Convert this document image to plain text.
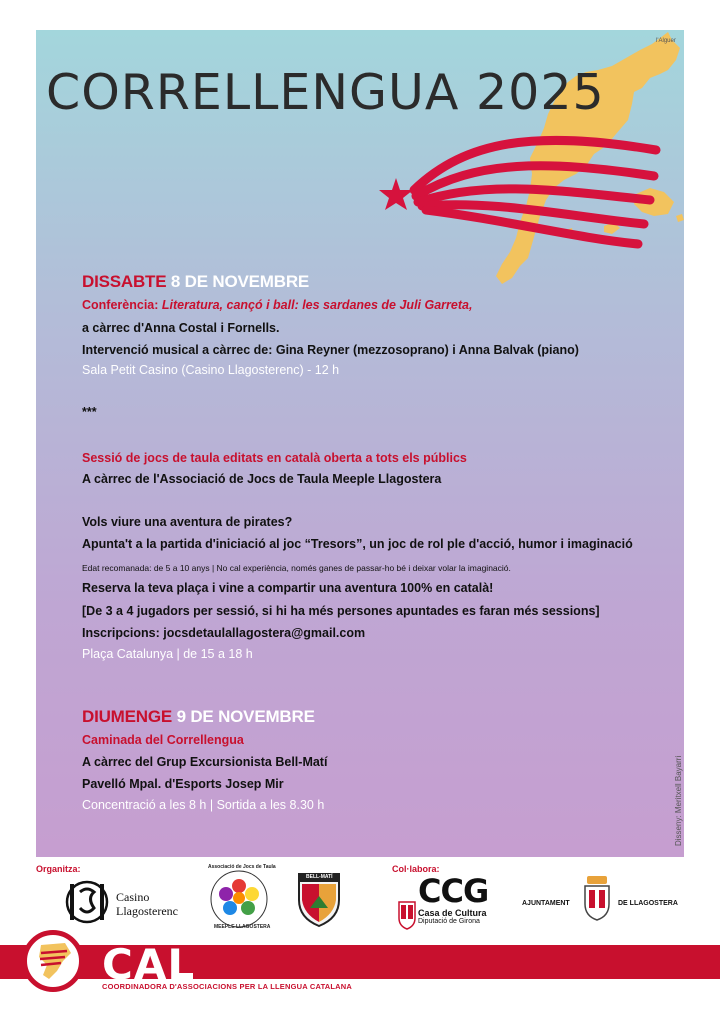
l'Alguer
CORRELLENGUA 2025
DISSABTE 8 DE NOVEMBRE
Conferència: Literatura, cançó i ball: les sardanes de Juli Garreta,
a càrrec d'Anna Costal i Fornells.
Intervenció musical a càrrec de: Gina Reyner (mezzosoprano) i Anna Balvak (piano)
Sala Petit Casino (Casino Llagosterenc) - 12 h
***
Sessió de jocs de taula editats en català oberta a tots els públics
A càrrec de l'Associació de Jocs de Taula Meeple Llagostera
Vols viure una aventura de pirates?
Apunta't a la partida d'iniciació al joc “Tresors”, un joc de rol ple d'acció, humor i imaginació
Edat recomanada: de 5 a 10 anys | No cal experiència, només ganes de passar-ho bé i deixar volar la imaginació.
Reserva la teva plaça i vine a compartir una aventura 100% en català!
[De 3 a 4 jugadors per sessió, si hi ha més persones apuntades es faran més sessions]
Inscripcions: jocsdetaulallagostera@gmail.com
Plaça Catalunya | de 15 a 18 h
DIUMENGE 9 DE NOVEMBRE
Caminada del Correllengua
A càrrec del Grup Excursionista Bell-Matí
Pavelló Mpal. d'Esports Josep Mir
Concentració a les 8 h | Sortida a les 8.30 h	Disseny: Meritxell Bayarri
Organitza:	Col·labora:
Casino
Llagosterenc
Associació de Jocs de Taula
MEEPLE LLAGOSTERA
BELL-MATÍ	CCG
Casa de Cultura
Diputació de Girona
AJUNTAMENT	DE LLAGOSTERA
CAL
COORDINADORA D'ASSOCIACIONS PER LA LLENGUA CATALANA
